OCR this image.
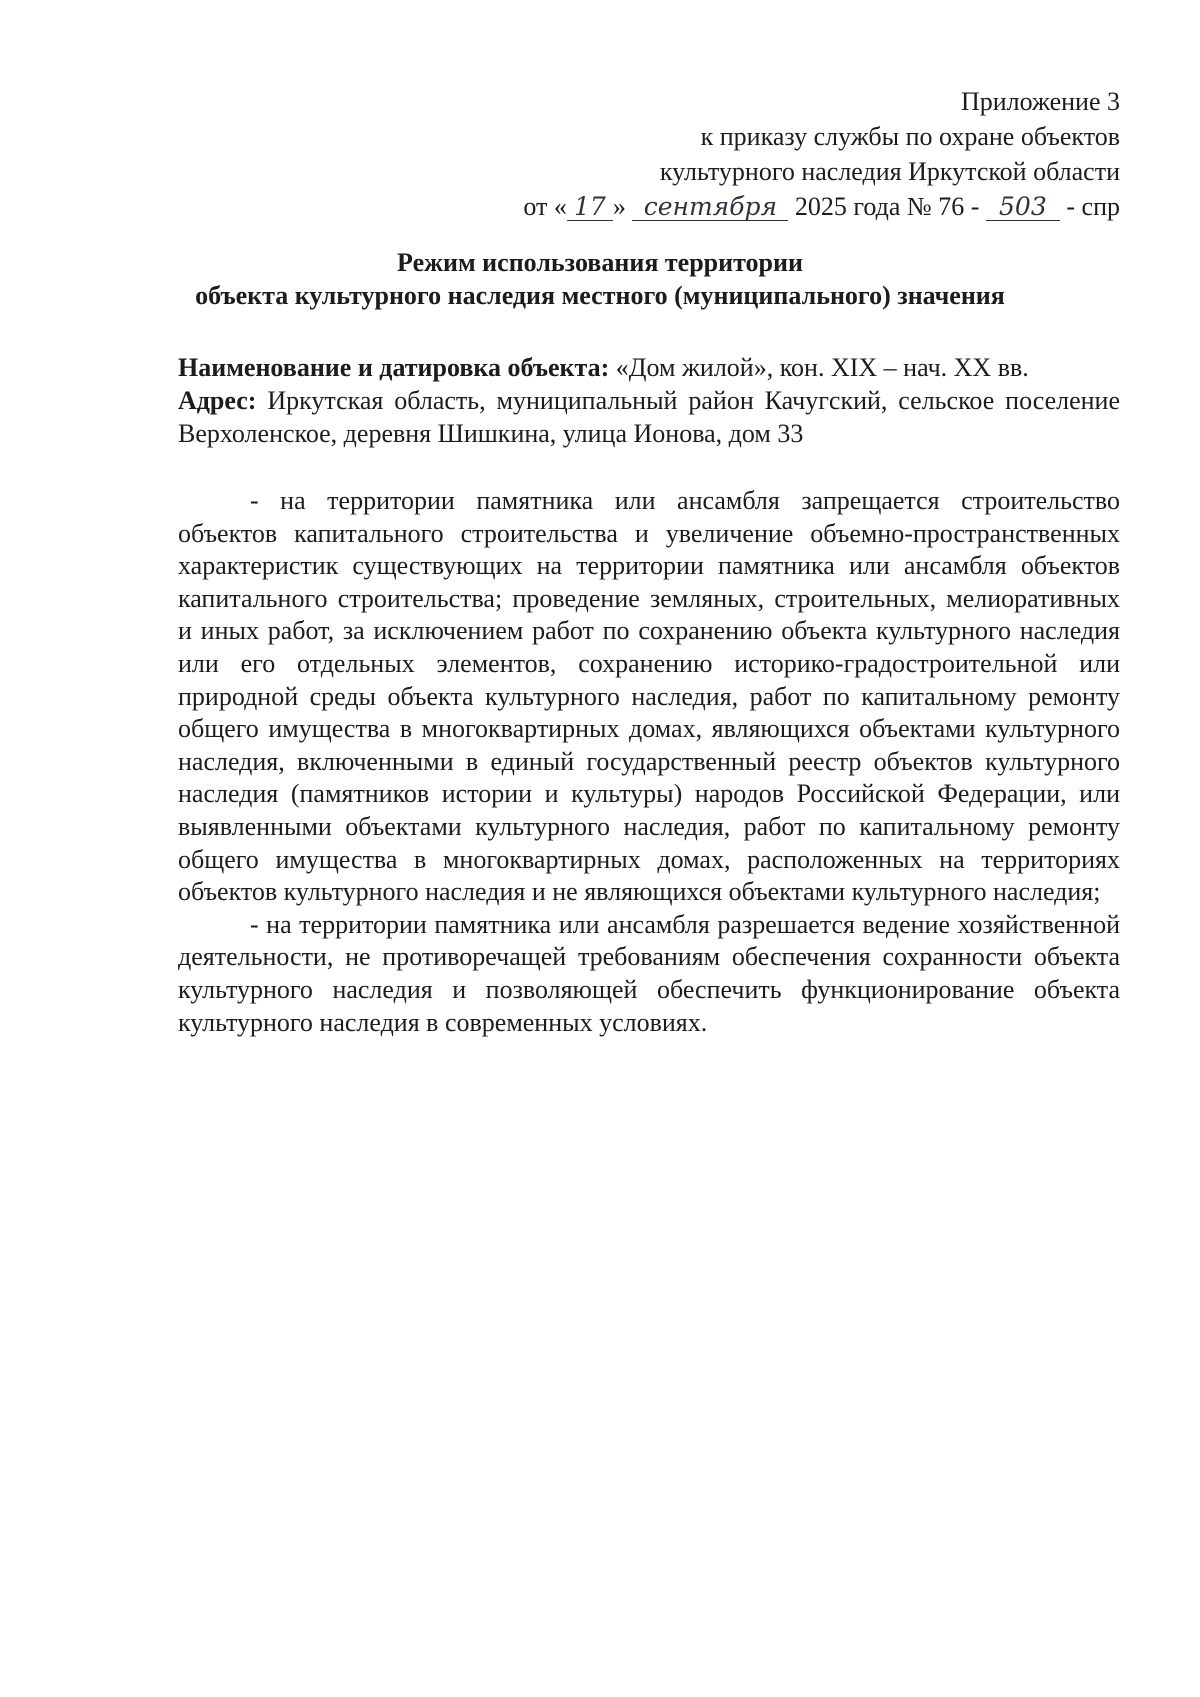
Приложение 3
к приказу службы по охране объектов
культурного наследия Иркутской области
от « 17 » сентября 2025 года № 76 - 503 - спр
Режим использования территории
объекта культурного наследия местного (муниципального) значения
Наименование и датировка объекта: «Дом жилой», кон. XIX – нач. XX вв.
Адрес: Иркутская область, муниципальный район Качугский, сельское поселение Верхоленское, деревня Шишкина, улица Ионова, дом 33

- на территории памятника или ансамбля запрещается строительство объектов капитального строительства и увеличение объемно-пространственных характеристик существующих на территории памятника или ансамбля объектов капитального строительства; проведение земляных, строительных, мелиоративных и иных работ, за исключением работ по сохранению объекта культурного наследия или его отдельных элементов, сохранению историко-градостроительной или природной среды объекта культурного наследия, работ по капитальному ремонту общего имущества в многоквартирных домах, являющихся объектами культурного наследия, включенными в единый государственный реестр объектов культурного наследия (памятников истории и культуры) народов Российской Федерации, или выявленными объектами культурного наследия, работ по капитальному ремонту общего имущества в многоквартирных домах, расположенных на территориях объектов культурного наследия и не являющихся объектами культурного наследия;

- на территории памятника или ансамбля разрешается ведение хозяйственной деятельности, не противоречащей требованиям обеспечения сохранности объекта культурного наследия и позволяющей обеспечить функционирование объекта культурного наследия в современных условиях.
